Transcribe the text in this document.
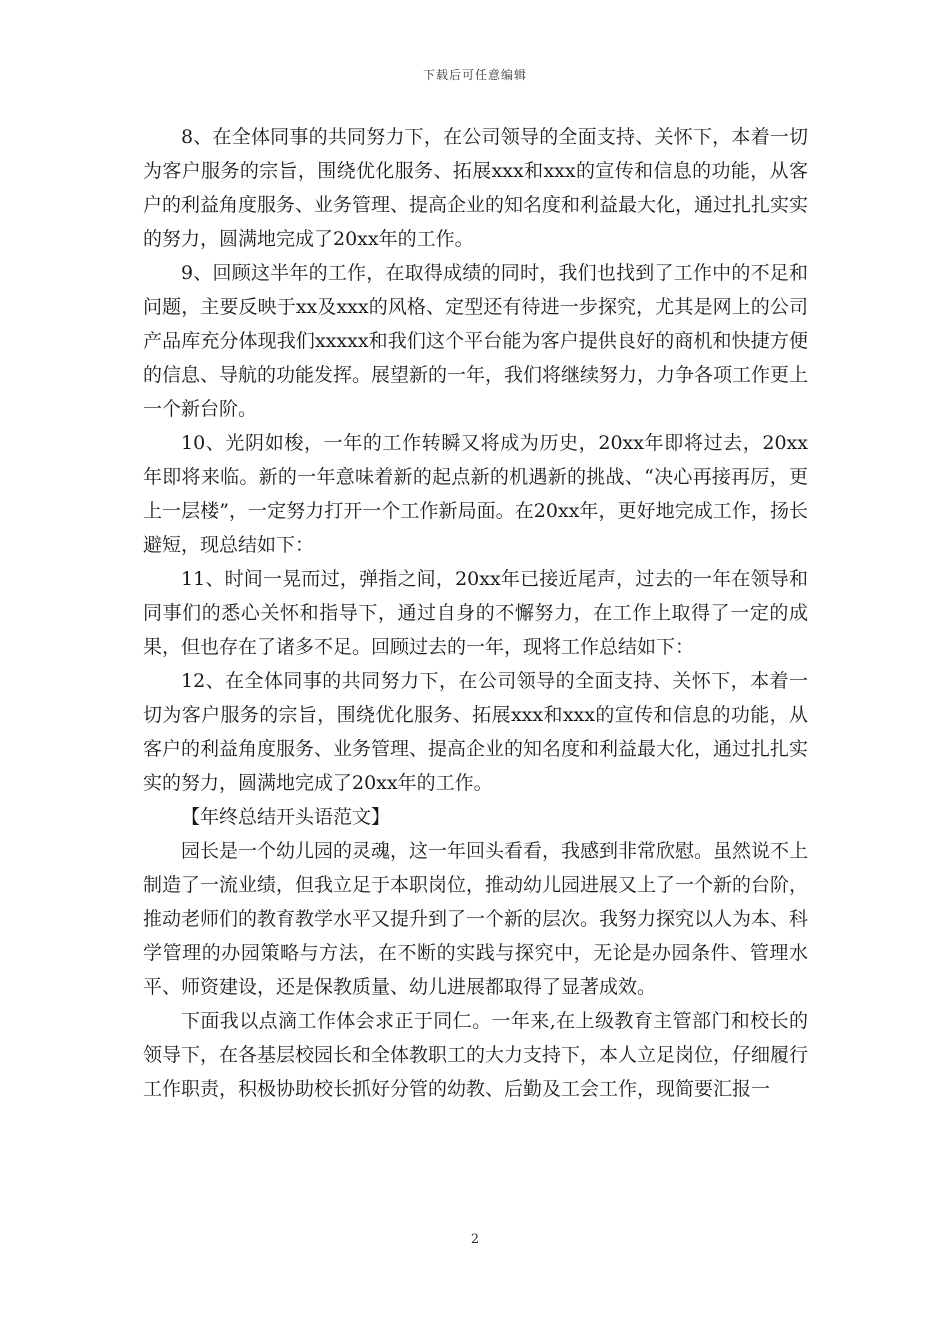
下载后可任意编辑

8、在全体同事的共同努力下，在公司领导的全面支持、关怀下，本着一切为客户服务的宗旨，围绕优化服务、拓展xxx和xxx的宣传和信息的功能，从客户的利益角度服务、业务管理、提高企业的知名度和利益最大化，通过扎扎实实的努力，圆满地完成了20xx年的工作。

9、回顾这半年的工作，在取得成绩的同时，我们也找到了工作中的不足和问题，主要反映于xx及xxx的风格、定型还有待进一步探究，尤其是网上的公司产品库充分体现我们xxxxx和我们这个平台能为客户提供良好的商机和快捷方便的信息、导航的功能发挥。展望新的一年，我们将继续努力，力争各项工作更上一个新台阶。

10、光阴如梭，一年的工作转瞬又将成为历史，20xx年即将过去，20xx年即将来临。新的一年意味着新的起点新的机遇新的挑战、“决心再接再厉，更上一层楼”，一定努力打开一个工作新局面。在20xx年，更好地完成工作，扬长避短，现总结如下：

11、时间一晃而过，弹指之间，20xx年已接近尾声，过去的一年在领导和同事们的悉心关怀和指导下，通过自身的不懈努力，在工作上取得了一定的成果，但也存在了诸多不足。回顾过去的一年，现将工作总结如下：

12、在全体同事的共同努力下，在公司领导的全面支持、关怀下，本着一切为客户服务的宗旨，围绕优化服务、拓展xxx和xxx的宣传和信息的功能，从客户的利益角度服务、业务管理、提高企业的知名度和利益最大化，通过扎扎实实的努力，圆满地完成了20xx年的工作。

【年终总结开头语范文】

园长是一个幼儿园的灵魂，这一年回头看看，我感到非常欣慰。虽然说不上制造了一流业绩，但我立足于本职岗位，推动幼儿园进展又上了一个新的台阶，推动老师们的教育教学水平又提升到了一个新的层次。我努力探究以人为本、科学管理的办园策略与方法，在不断的实践与探究中，无论是办园条件、管理水平、师资建设，还是保教质量、幼儿进展都取得了显著成效。

下面我以点滴工作体会求正于同仁。一年来,在上级教育主管部门和校长的领导下，在各基层校园长和全体教职工的大力支持下，本人立足岗位，仔细履行工作职责，积极协助校长抓好分管的幼教、后勤及工会工作，现简要汇报一

2
